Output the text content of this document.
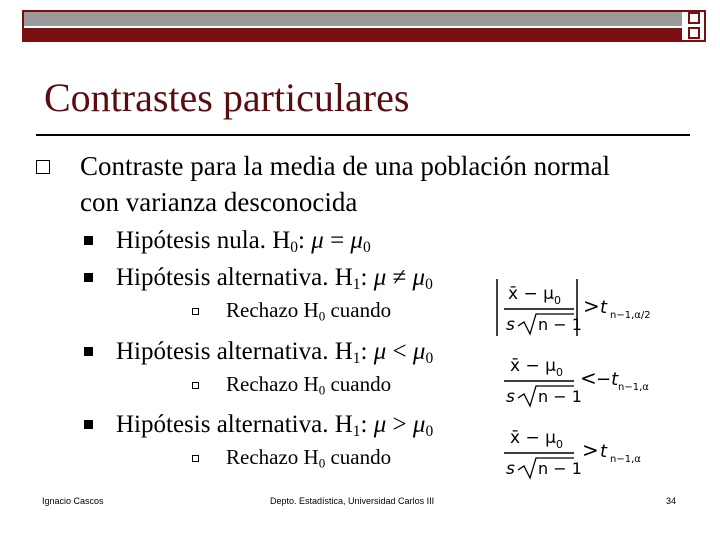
Contrastes particulares
Contraste para la media de una población normal con varianza desconocida
Hipótesis nula. $H_0$: $\mu = \mu_0$
Hipótesis alternativa. $H_1$: $\mu \ne \mu_0$
Rechazo $H_0$ cuando
x̄ − μ 0
s n − 1
> t n−1,α/2
Hipótesis alternativa. $H_1$: $\mu < \mu_0$
Rechazo $H_0$ cuando
x̄ − μ 0
s n − 1
< −t n−1,α
Hipótesis alternativa. $H_1$: $\mu > \mu_0$
Rechazo $H_0$ cuando
x̄ − μ 0
s n − 1
> t n−1,α
Ignacio Cascos	Depto. Estadística, Universidad Carlos III	34
